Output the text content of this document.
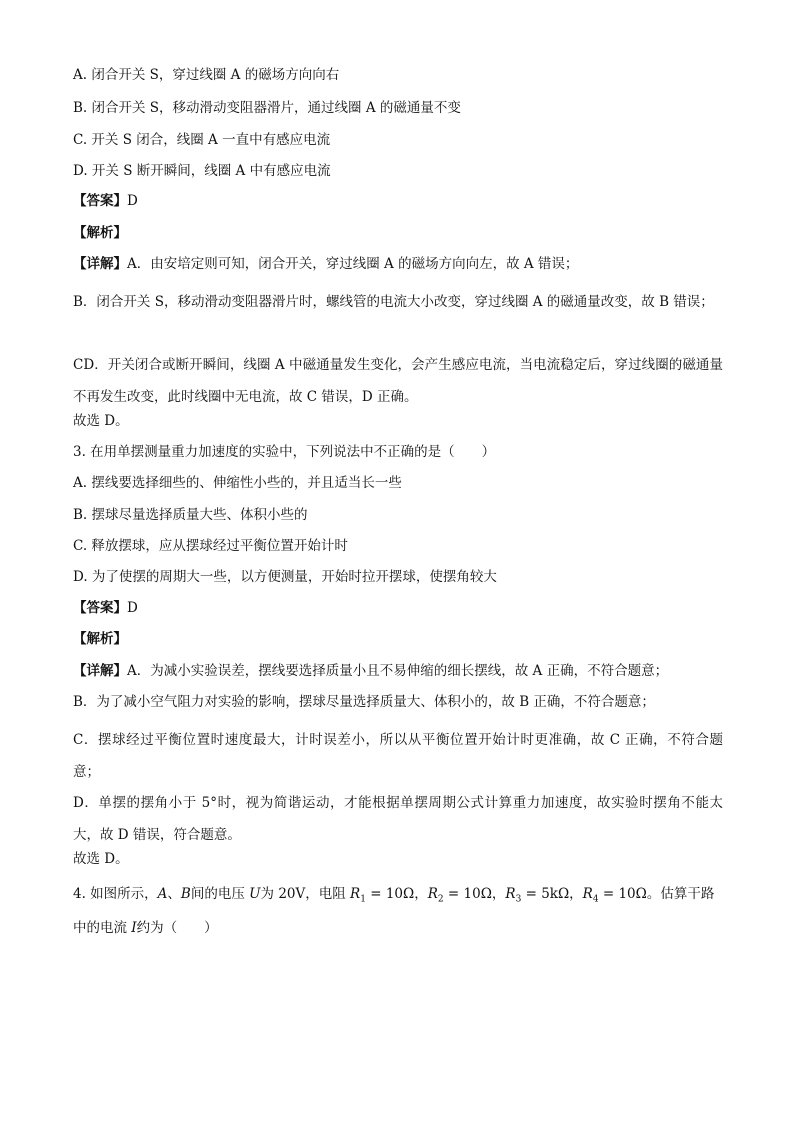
A. 闭合开关 S，穿过线圈 A 的磁场方向向右
B. 闭合开关 S，移动滑动变阻器滑片，通过线圈 A 的磁通量不变
C. 开关 S 闭合，线圈 A 一直中有感应电流
D. 开关 S 断开瞬间，线圈 A 中有感应电流
【 答案 】 D
【 解析 】
【 详解 】 A．由安培定则可知，闭合开关，穿过线圈 A 的磁场方向向左，故 A 错误；
B．闭合开关 S，移动滑动变阻器滑片时，螺线管的电流大小改变，穿过线圈 A 的磁通量改变，故 B 错误；
CD．开关闭合或断开瞬间，线圈 A 中磁通量发生变化，会产生感应电流，当电流稳定后，穿过线圈的磁通量不再发生改变，此时线圈中无电流，故 C 错误，D 正确。
故选 D。
3. 在用单摆测量重力加速度的实验中，下列说法中不正确的是（　　）
A. 摆线要选择细些的、伸缩性小些的，并且适当长一些
B. 摆球尽量选择质量大些、体积小些的
C. 释放摆球，应从摆球经过平衡位置开始计时
D. 为了使摆的周期大一些，以方便测量，开始时拉开摆球，使摆角较大
【 答案 】 D
【 解析 】
【 详解 】 A．为减小实验误差，摆线要选择质量小且不易伸缩的细长摆线，故 A 正确，不符合题意；
B．为了减小空气阻力对实验的影响，摆球尽量选择质量大、体积小的，故 B 正确，不符合题意；
C．摆球经过平衡位置时速度最大，计时误差小，所以从平衡位置开始计时更准确，故 C 正确，不符合题意；
D．单摆的摆角小于 5°时，视为简谐运动，才能根据单摆周期公式计算重力加速度，故实验时摆角不能太大，故 D 错误，符合题意。
故选 D。
4. 如图所示，A、B间的电压 U为 20V，电阻 $R_1 = 10\Omega$，$R_2 = 10\Omega$，$R_3 = 5k\Omega$，$R_4 = 10\Omega$。估算干路
中的电流 I约为（　　）
